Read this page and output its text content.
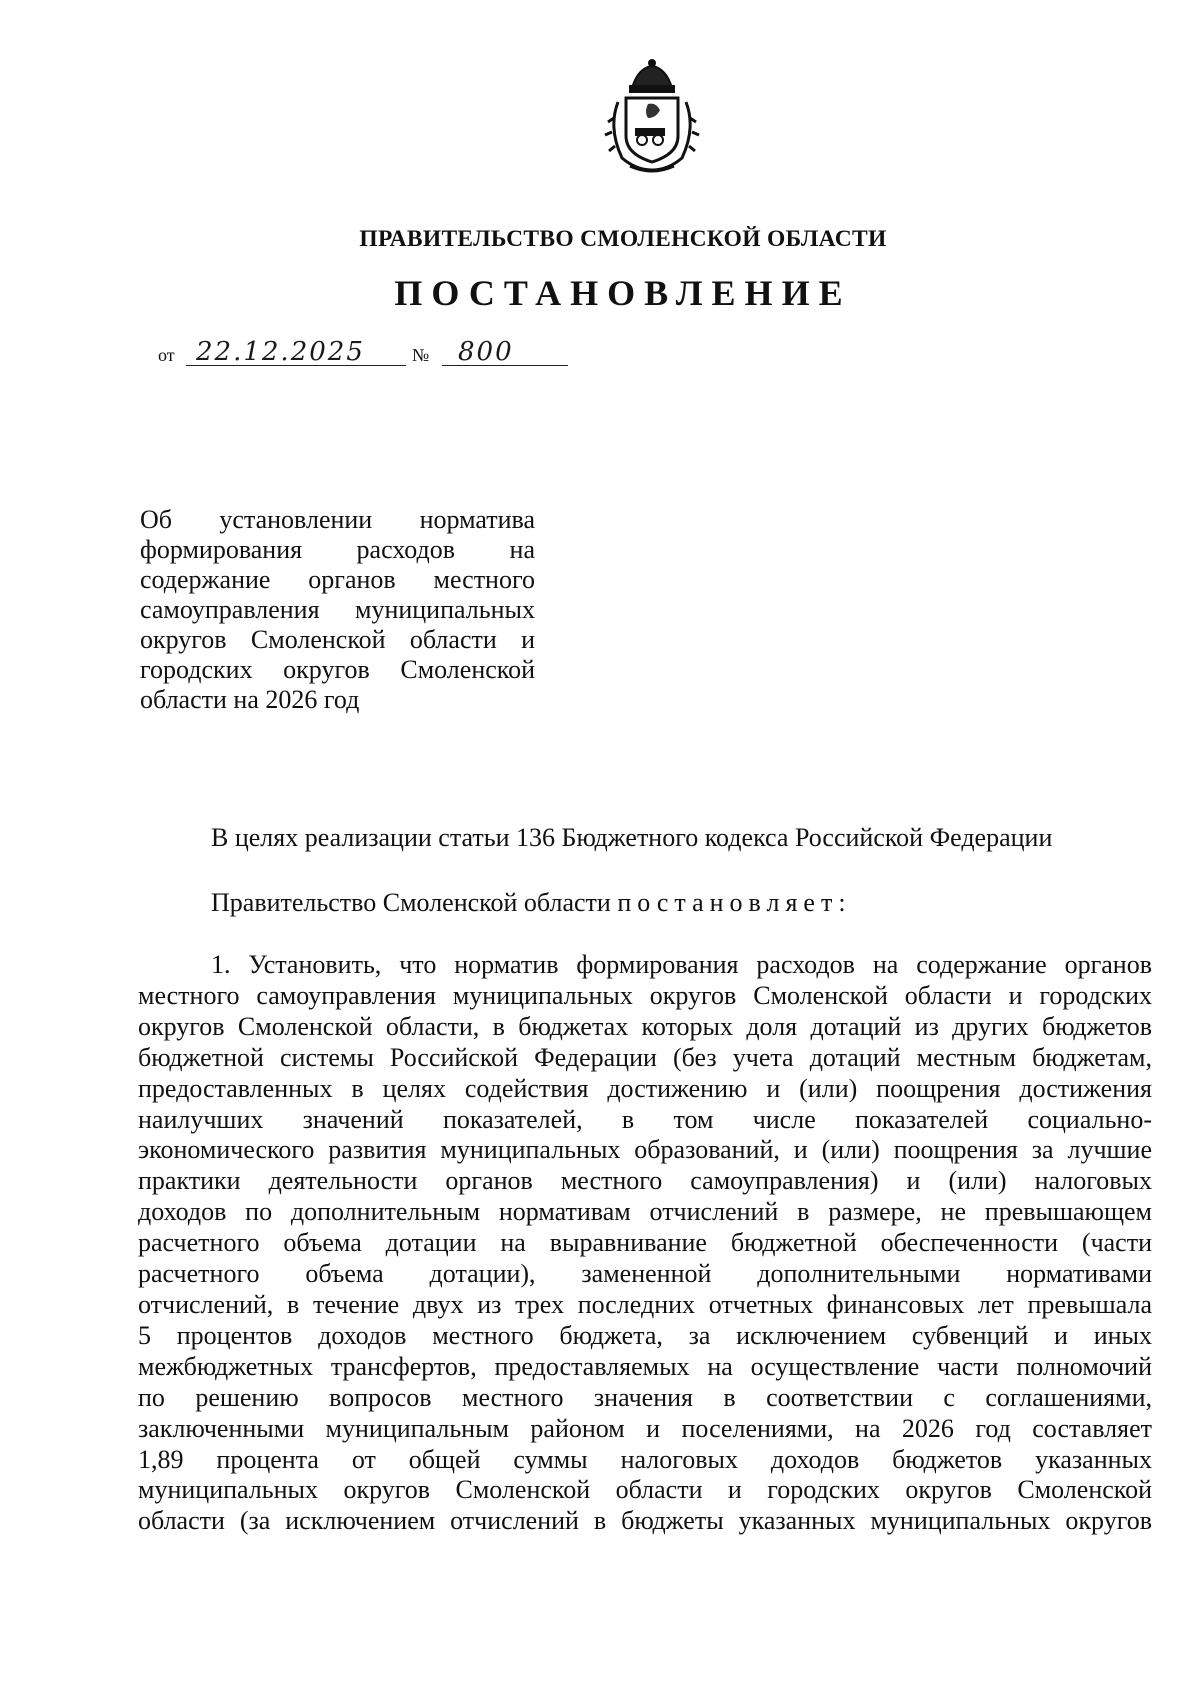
ПРАВИТЕЛЬСТВО СМОЛЕНСКОЙ ОБЛАСТИ
ПОСТАНОВЛЕНИЕ
от 22.12.2025	№ 800
Об установлении норматива
формирования расходов на
содержание органов местного
самоуправления муниципальных
округов Смоленской области и
городских округов Смоленской
области на 2026 год
В целях реализации статьи 136 Бюджетного кодекса Российской Федерации
Правительство Смоленской области постановляет:
1. Установить, что норматив формирования расходов на содержание органов
местного самоуправления муниципальных округов Смоленской области и городских
округов Смоленской области, в бюджетах которых доля дотаций из других бюджетов
бюджетной системы Российской Федерации (без учета дотаций местным бюджетам,
предоставленных в целях содействия достижению и (или) поощрения достижения
наилучших значений показателей, в том числе показателей социально-
экономического развития муниципальных образований, и (или) поощрения за лучшие
практики деятельности органов местного самоуправления) и (или) налоговых
доходов по дополнительным нормативам отчислений в размере, не превышающем
расчетного объема дотации на выравнивание бюджетной обеспеченности (части
расчетного объема дотации), замененной дополнительными нормативами
отчислений, в течение двух из трех последних отчетных финансовых лет превышала
5 процентов доходов местного бюджета, за исключением субвенций и иных
межбюджетных трансфертов, предоставляемых на осуществление части полномочий
по решению вопросов местного значения в соответствии с соглашениями,
заключенными муниципальным районом и поселениями, на 2026 год составляет
1,89 процента от общей суммы налоговых доходов бюджетов указанных
муниципальных округов Смоленской области и городских округов Смоленской
области (за исключением отчислений в бюджеты указанных муниципальных округов
